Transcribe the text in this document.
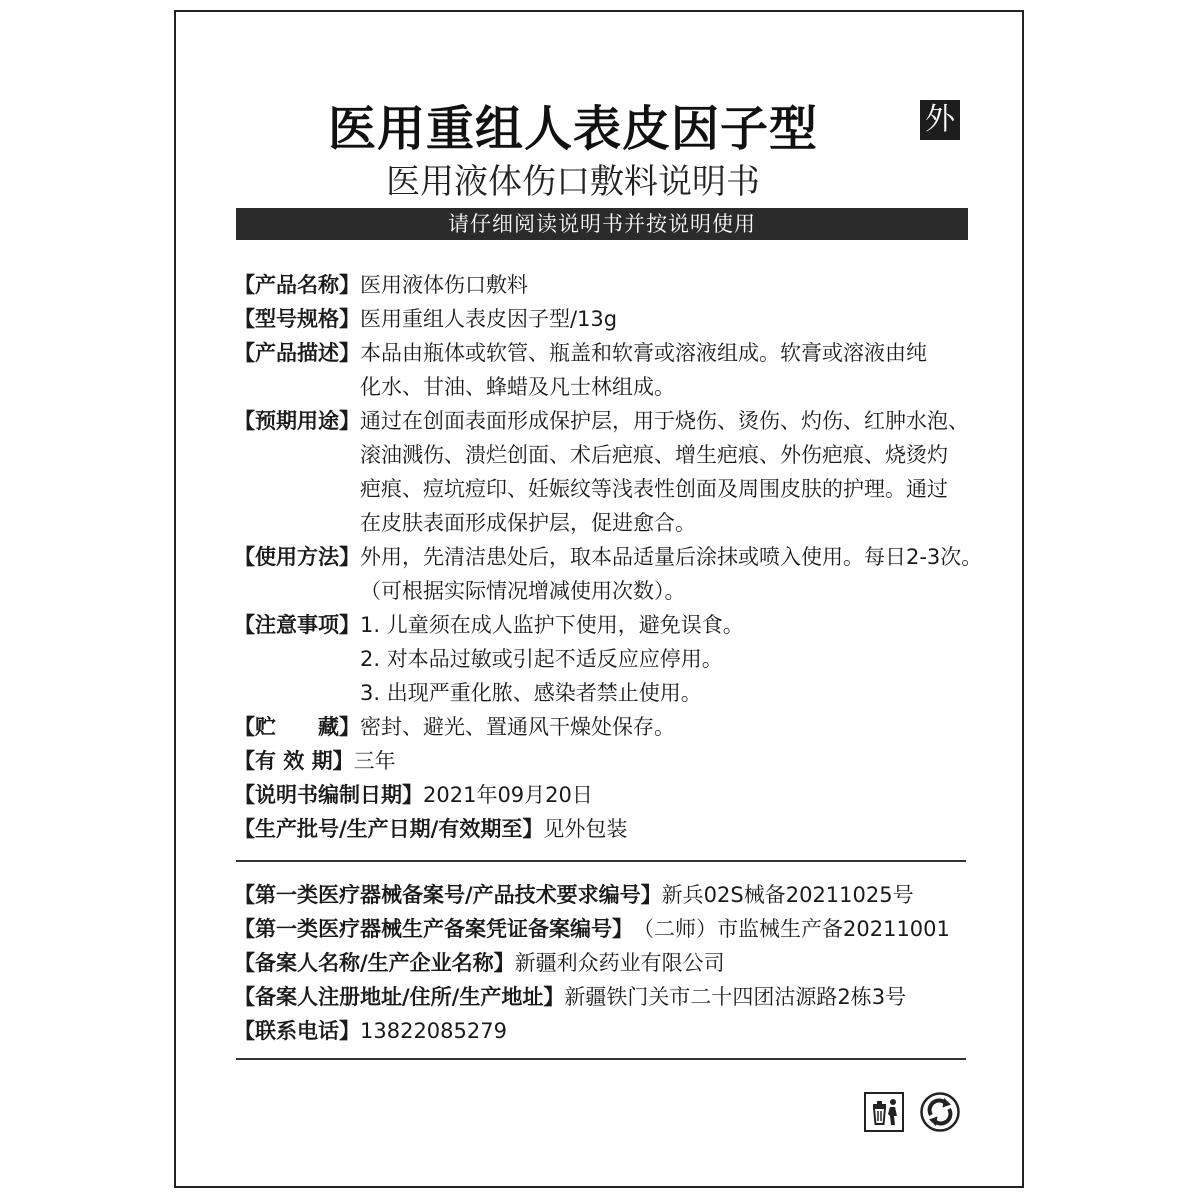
医用重组人表皮因子型	外
医用液体伤口敷料说明书
请仔细阅读说明书并按说明使用
【产品名称】 医用液体伤口敷料
【型号规格】 医用重组人表皮因子型/13g
【产品描述】 本品由瓶体或软管、瓶盖和软膏或溶液组成。软膏或溶液由纯
化水、甘油、蜂蜡及凡士林组成。
【预期用途】 通过在创面表面形成保护层，用于烧伤、烫伤、灼伤、红肿水泡、
滚油溅伤、溃烂创面、术后疤痕、增生疤痕、外伤疤痕、烧烫灼
疤痕、痘坑痘印、妊娠纹等浅表性创面及周围皮肤的护理。通过
在皮肤表面形成保护层，促进愈合。
【使用方法】 外用，先清洁患处后，取本品适量后涂抹或喷入使用。每日2-3次。
（可根据实际情况增减使用次数）。
【注意事项】 1. 儿童须在成人监护下使用，避免误食。
2. 对本品过敏或引起不适反应应停用。
3. 出现严重化脓、感染者禁止使用。
【贮　　藏】 密封、避光、置通风干燥处保存。
【有 效 期】 三年
【说明书编制日期】 2021年09月20日
【生产批号/生产日期/有效期至】 见外包装
【第一类医疗器械备案号/产品技术要求编号】 新兵02S械备20211025号
【第一类医疗器械生产备案凭证备案编号】 （二师）市监械生产备20211001
【备案人名称/生产企业名称】 新疆利众药业有限公司
【备案人注册地址/住所/生产地址】 新疆铁门关市二十四团沽源路2栋3号
【联系电话】 13822085279
